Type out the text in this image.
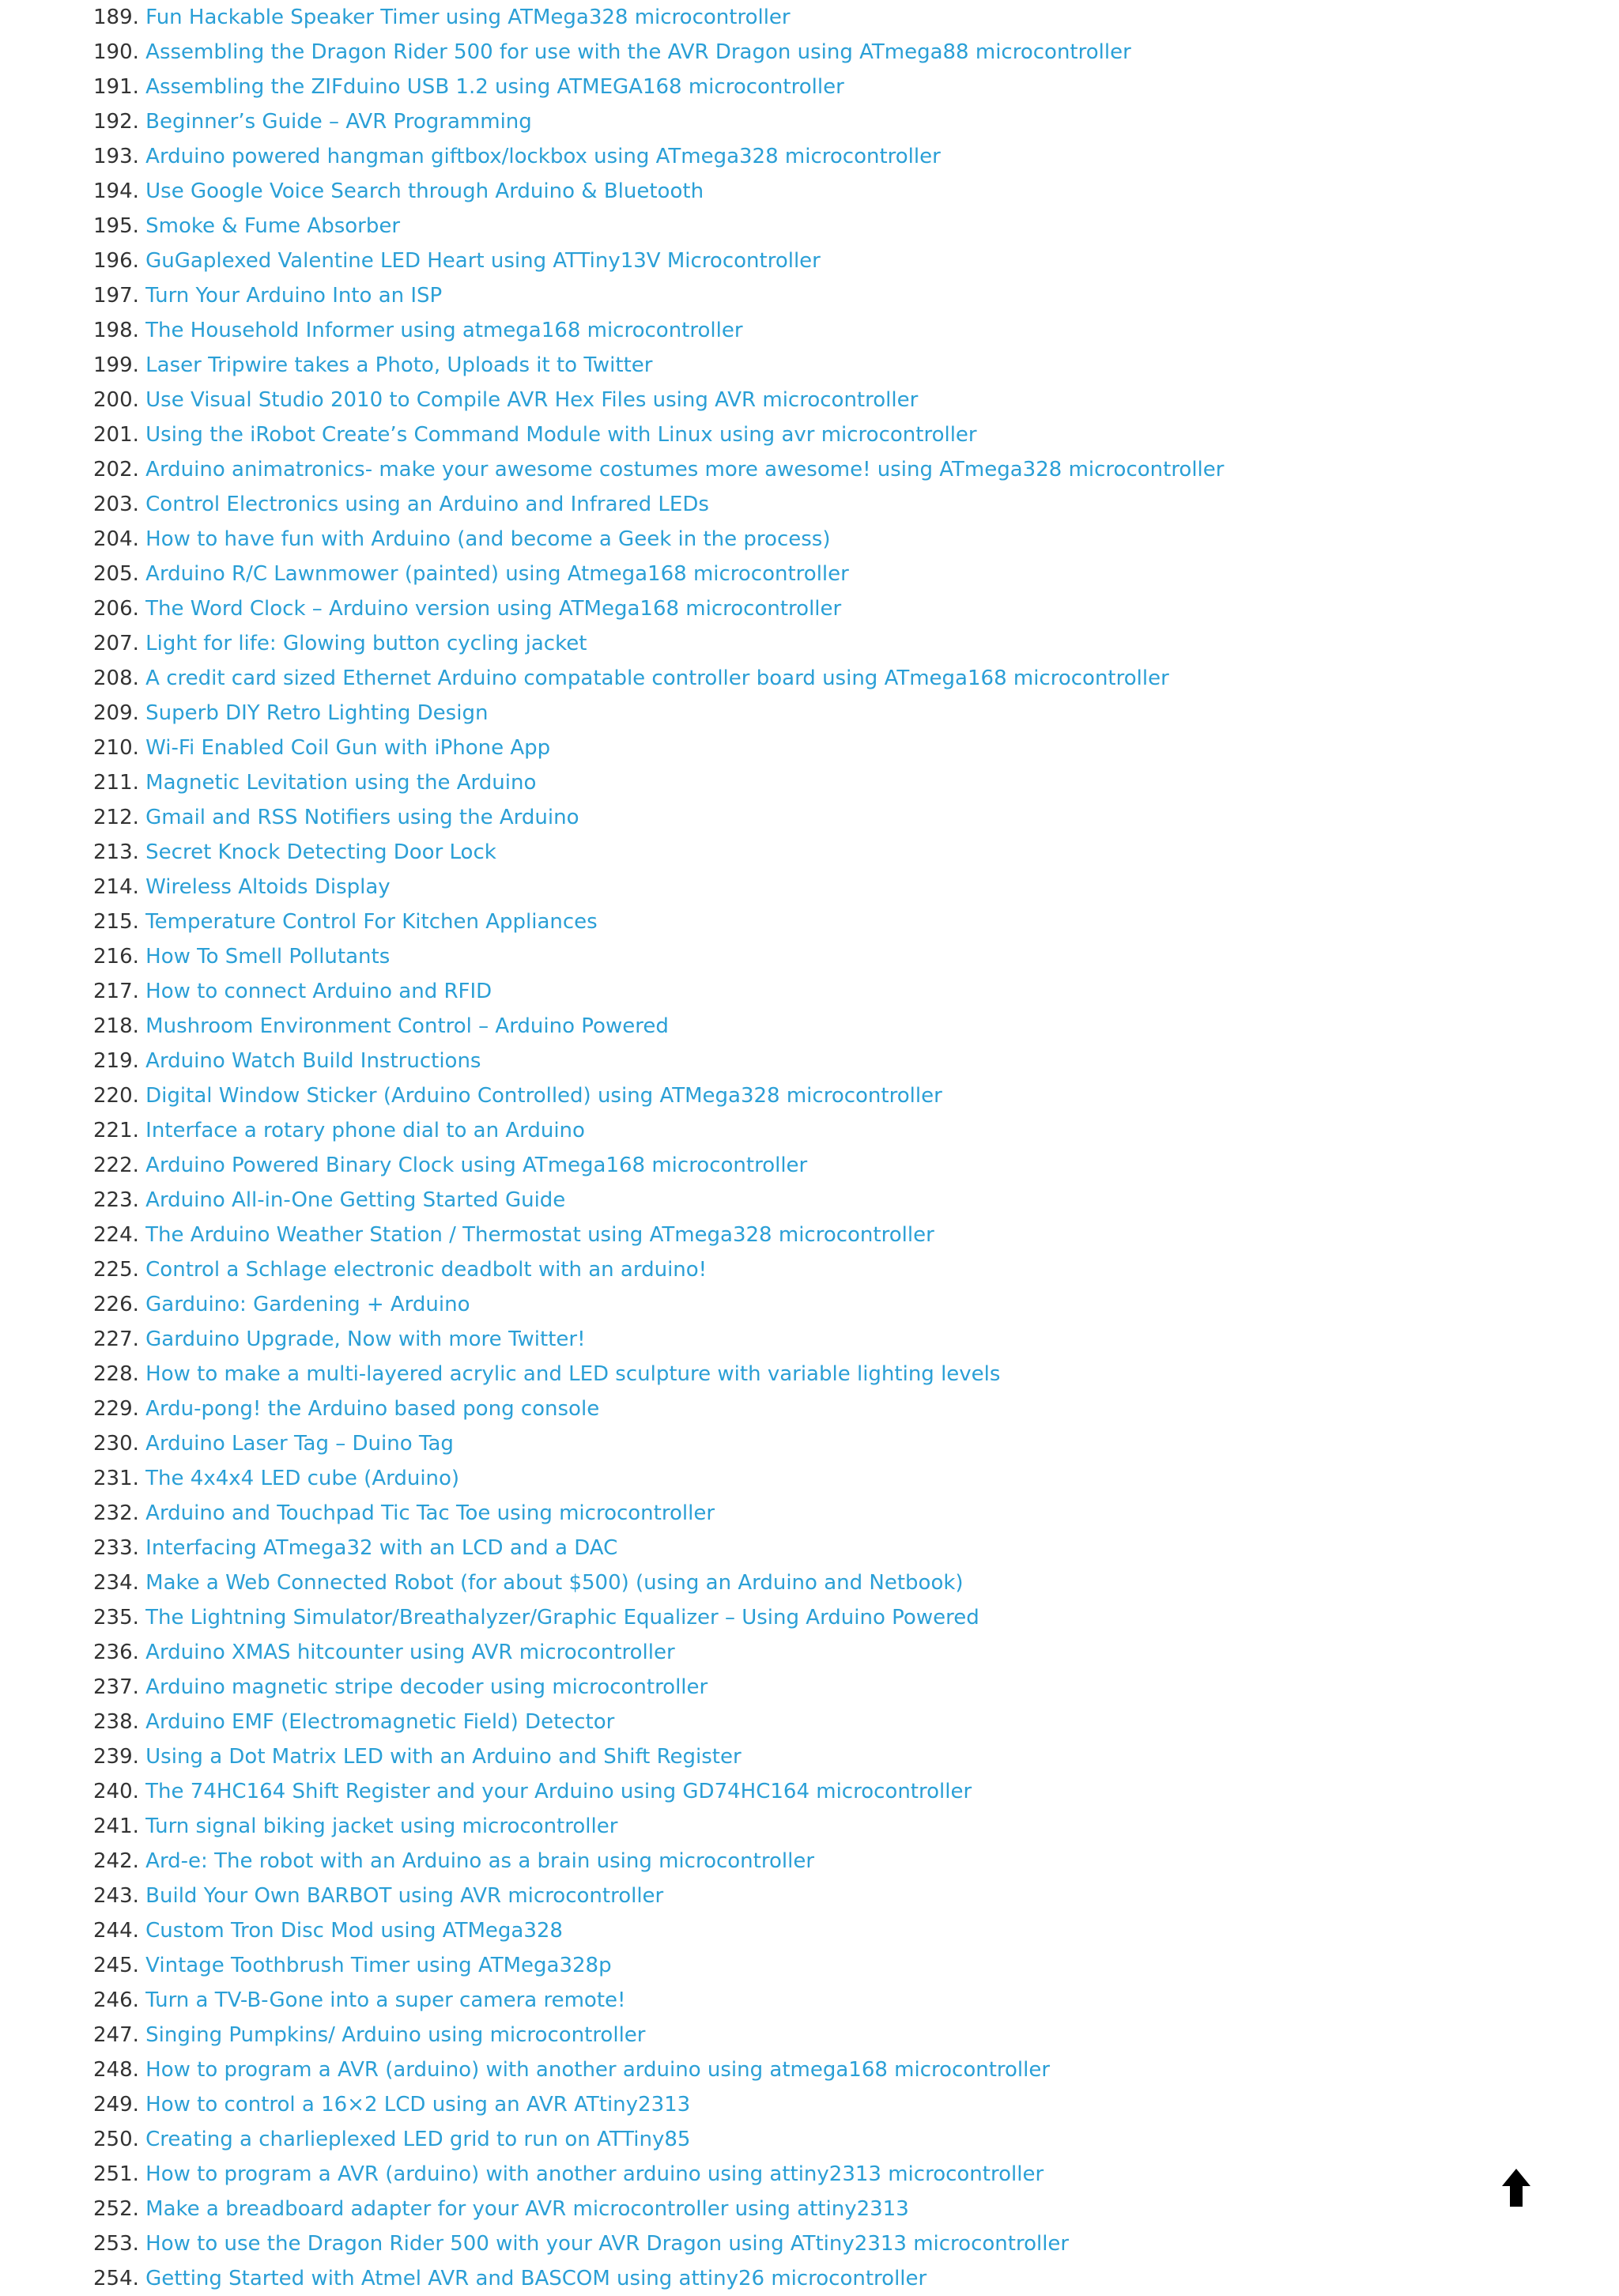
189. Fun Hackable Speaker Timer using ATMega328 microcontroller
190. Assembling the Dragon Rider 500 for use with the AVR Dragon using ATmega88 microcontroller
191. Assembling the ZIFduino USB 1.2 using ATMEGA168 microcontroller
192. Beginner’s Guide – AVR Programming
193. Arduino powered hangman giftbox/lockbox using ATmega328 microcontroller
194. Use Google Voice Search through Arduino & Bluetooth
195. Smoke & Fume Absorber
196. GuGaplexed Valentine LED Heart using ATTiny13V Microcontroller
197. Turn Your Arduino Into an ISP
198. The Household Informer using atmega168 microcontroller
199. Laser Tripwire takes a Photo, Uploads it to Twitter
200. Use Visual Studio 2010 to Compile AVR Hex Files using AVR microcontroller
201. Using the iRobot Create’s Command Module with Linux using avr microcontroller
202. Arduino animatronics- make your awesome costumes more awesome! using ATmega328 microcontroller
203. Control Electronics using an Arduino and Infrared LEDs
204. How to have fun with Arduino (and become a Geek in the process)
205. Arduino R/C Lawnmower (painted) using Atmega168 microcontroller
206. The Word Clock – Arduino version using ATMega168 microcontroller
207. Light for life: Glowing button cycling jacket
208. A credit card sized Ethernet Arduino compatable controller board using ATmega168 microcontroller
209. Superb DIY Retro Lighting Design
210. Wi-Fi Enabled Coil Gun with iPhone App
211. Magnetic Levitation using the Arduino
212. Gmail and RSS Notifiers using the Arduino
213. Secret Knock Detecting Door Lock
214. Wireless Altoids Display
215. Temperature Control For Kitchen Appliances
216. How To Smell Pollutants
217. How to connect Arduino and RFID
218. Mushroom Environment Control – Arduino Powered
219. Arduino Watch Build Instructions
220. Digital Window Sticker (Arduino Controlled) using ATMega328 microcontroller
221. Interface a rotary phone dial to an Arduino
222. Arduino Powered Binary Clock using ATmega168 microcontroller
223. Arduino All-in-One Getting Started Guide
224. The Arduino Weather Station / Thermostat using ATmega328 microcontroller
225. Control a Schlage electronic deadbolt with an arduino!
226. Garduino: Gardening + Arduino
227. Garduino Upgrade, Now with more Twitter!
228. How to make a multi-layered acrylic and LED sculpture with variable lighting levels
229. Ardu-pong! the Arduino based pong console
230. Arduino Laser Tag – Duino Tag
231. The 4x4x4 LED cube (Arduino)
232. Arduino and Touchpad Tic Tac Toe using microcontroller
233. Interfacing ATmega32 with an LCD and a DAC
234. Make a Web Connected Robot (for about $500) (using an Arduino and Netbook)
235. The Lightning Simulator/Breathalyzer/Graphic Equalizer – Using Arduino Powered
236. Arduino XMAS hitcounter using AVR microcontroller
237. Arduino magnetic stripe decoder using microcontroller
238. Arduino EMF (Electromagnetic Field) Detector
239. Using a Dot Matrix LED with an Arduino and Shift Register
240. The 74HC164 Shift Register and your Arduino using GD74HC164 microcontroller
241. Turn signal biking jacket using microcontroller
242. Ard-e: The robot with an Arduino as a brain using microcontroller
243. Build Your Own BARBOT using AVR microcontroller
244. Custom Tron Disc Mod using ATMega328
245. Vintage Toothbrush Timer using ATMega328p
246. Turn a TV-B-Gone into a super camera remote!
247. Singing Pumpkins/ Arduino using microcontroller
248. How to program a AVR (arduino) with another arduino using atmega168 microcontroller
249. How to control a 16×2 LCD using an AVR ATtiny2313
250. Creating a charlieplexed LED grid to run on ATTiny85
251. How to program a AVR (arduino) with another arduino using attiny2313 microcontroller
252. Make a breadboard adapter for your AVR microcontroller using attiny2313
253. How to use the Dragon Rider 500 with your AVR Dragon using ATtiny2313 microcontroller
254. Getting Started with Atmel AVR and BASCOM using attiny26 microcontroller
